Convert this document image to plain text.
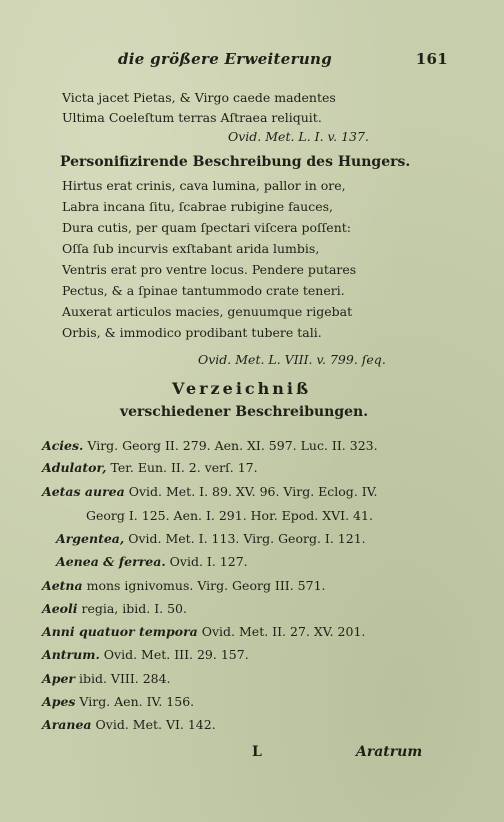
die größere Erweiterung	161
Victa jacet Pietas, & Virgo caede madentes
Ultima Coeleſtum terras Aſtraea reliquit.
Ovid. Met. L. I. v. 137.
Personifizirende Beschreibung des Hungers.
Hirtus erat crinis, cava lumina, pallor in ore,
Labra incana ſitu, ſcabrae rubigine fauces,
Dura cutis, per quam ſpectari viſcera poſſent:
Oſſa ſub incurvis exſtabant arida lumbis,
Ventris erat pro ventre locus. Pendere putares
Pectus, & a ſpinae tantummodo crate teneri.
Auxerat articulos macies, genuumque rigebat
Orbis, & immodico prodibant tubere tali.
Ovid. Met. L. VIII. v. 799. ſeq.
Verzeichniß
verschiedener Beschreibungen.
Acies. Virg. Georg II. 279. Aen. XI. 597. Luc. II. 323.
Adulator, Ter. Eun. II. 2. verſ. 17.
Aetas aurea Ovid. Met. I. 89. XV. 96. Virg. Eclog. IV.
Georg I. 125. Aen. I. 291. Hor. Epod. XVI. 41.
Argentea, Ovid. Met. I. 113. Virg. Georg. I. 121.
Aenea & ferrea. Ovid. I. 127.
Aetna mons ignivomus. Virg. Georg III. 571.
Aeoli regia, ibid. I. 50.
Anni quatuor tempora Ovid. Met. II. 27. XV. 201.
Antrum. Ovid. Met. III. 29. 157.
Aper ibid. VIII. 284.
Apes Virg. Aen. IV. 156.
Aranea Ovid. Met. VI. 142.
L	Aratrum
